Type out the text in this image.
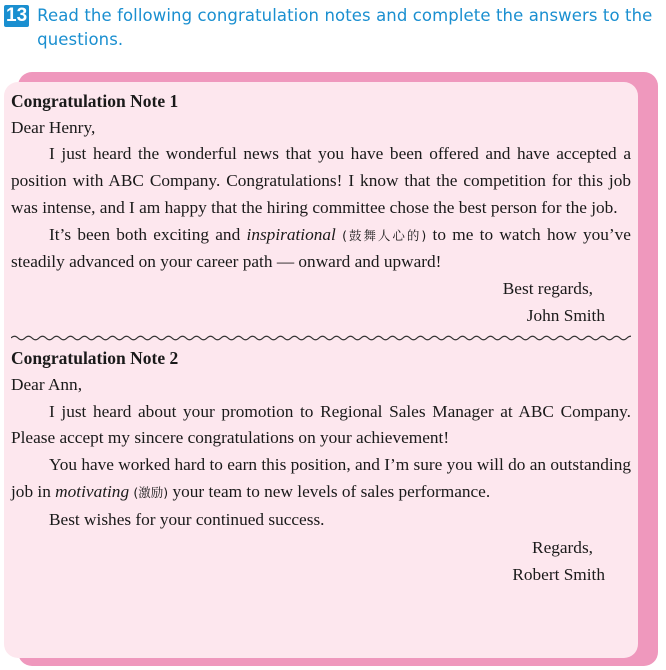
13 Read the following congratulation notes and complete the answers to the questions.
Congratulation Note 1
Dear Henry,

I just heard the wonderful news that you have been offered and have accepted a position with ABC Company. Congratulations! I know that the competition for this job was intense, and I am happy that the hiring committee chose the best person for the job.

It’s been both exciting and inspirational (鼓舞人心的) to me to watch how you’ve steadily advanced on your career path — onward and upward!

Best regards,
John Smith
Congratulation Note 2
Dear Ann,

I just heard about your promotion to Regional Sales Manager at ABC Company. Please accept my sincere congratulations on your achievement!

You have worked hard to earn this position, and I’m sure you will do an outstanding job in motivating (激励) your team to new levels of sales performance.

Best wishes for your continued success.
Regards,
Robert Smith
